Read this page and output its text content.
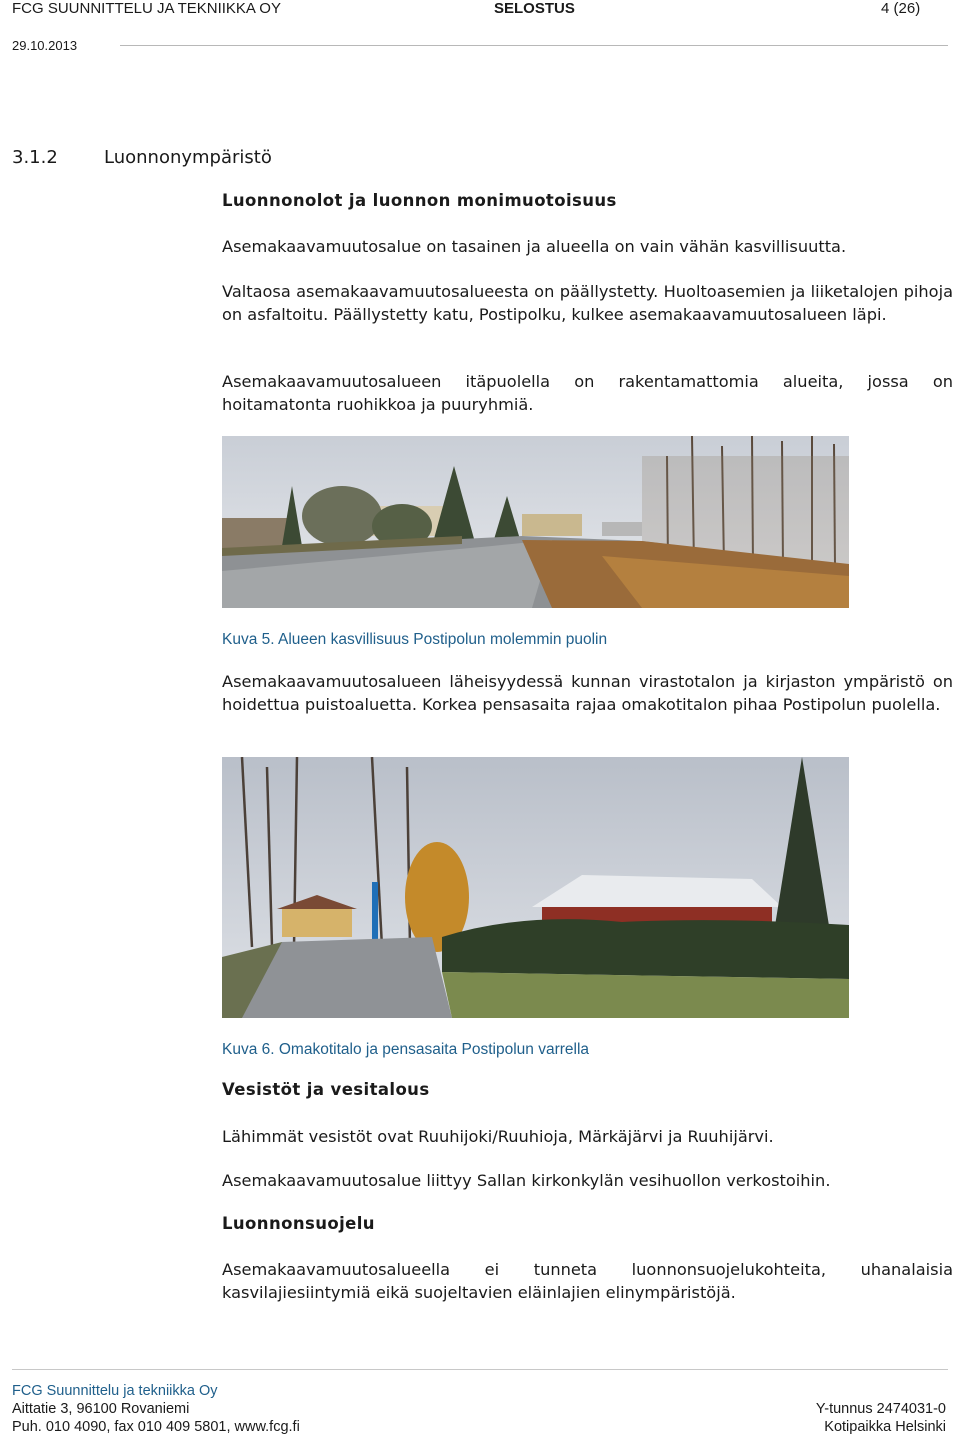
FCG SUUNNITTELU JA TEKNIIKKA OY	SELOSTUS	4 (26)
29.10.2013
3.1.2	Luonnonympäristö
Luonnonolot ja luonnon monimuotoisuus
Asemakaavamuutosalue on tasainen ja alueella on vain vähän kasvillisuutta.
Valtaosa asemakaavamuutosalueesta on päällystetty. Huoltoasemien ja liiketalojen pihoja on asfaltoitu. Päällystetty katu, Postipolku, kulkee asemakaavamuutosalueen läpi.
Asemakaavamuutosalueen itäpuolella on rakentamattomia alueita, jossa on hoitamatonta ruohikkoa ja puuryhmiä.
Kuva 5. Alueen kasvillisuus Postipolun molemmin puolin
Asemakaavamuutosalueen läheisyydessä kunnan virastotalon ja kirjaston ympäristö on hoidettua puistoaluetta. Korkea pensasaita rajaa omakotitalon pihaa Postipolun puolella.
Kuva 6. Omakotitalo ja pensasaita Postipolun varrella
Vesistöt ja vesitalous
Lähimmät vesistöt ovat Ruuhijoki/Ruuhioja, Märkäjärvi ja Ruuhijärvi.
Asemakaavamuutosalue liittyy Sallan kirkonkylän vesihuollon verkostoihin.
Luonnonsuojelu
Asemakaavamuutosalueella ei tunneta luonnonsuojelukohteita, uhanalaisia kasvilajiesiintymiä eikä suojeltavien eläinlajien elinympäristöjä.
FCG Suunnittelu ja tekniikka Oy
Aittatie 3, 96100 Rovaniemi
Puh. 010 4090, fax 010 409 5801, www.fcg.fi
Y-tunnus 2474031-0
Kotipaikka Helsinki
